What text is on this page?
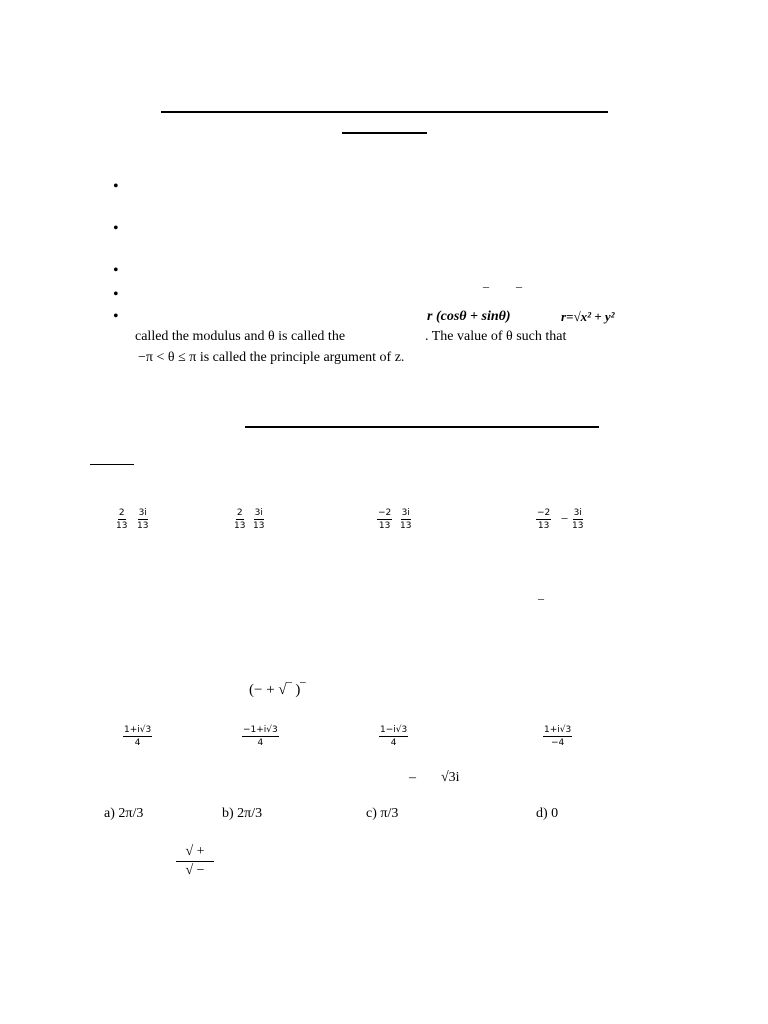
•
•
•
•
•
_ _
r (cosθ + sinθ)	r=√x² + y²
called the modulus and θ is called the	. The value of θ such that
−π < θ ≤ π is called the principle argument of z.
$\frac{2}{13} \frac{3i}{13}$	$\frac{2}{13} \frac{3i}{13}$	$\frac{-2}{13} \frac{3i}{13}$	$\frac{-2}{13} - \frac{3i}{13}$
_
(− + √‾ )‾
$\frac{1+i√3}{4}$	$\frac{-1+i√3}{4}$	$\frac{1-i√3}{4}$	$\frac{1+i√3}{-4}$
– √3i
a) 2π/3	b) 2π/3	c) π/3	d) 0
√ +
√ −
